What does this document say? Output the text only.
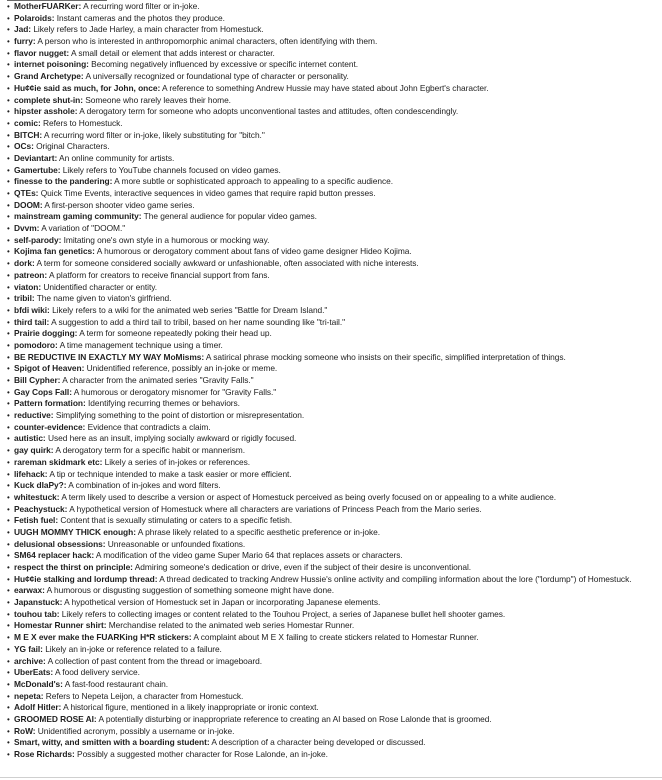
• MotherFUARKer: A recurring word filter or in-joke.
• Polaroids: Instant cameras and the photos they produce.
• Jad: Likely refers to Jade Harley, a main character from Homestuck.
• furry: A person who is interested in anthropomorphic animal characters, often identifying with them.
• flavor nugget: A small detail or element that adds interest or character.
• internet poisoning: Becoming negatively influenced by excessive or specific internet content.
• Grand Archetype: A universally recognized or foundational type of character or personality.
• Hu¢¢ie said as much, for John, once: A reference to something Andrew Hussie may have stated about John Egbert's character.
• complete shut-in: Someone who rarely leaves their home.
• hipster asshole: A derogatory term for someone who adopts unconventional tastes and attitudes, often condescendingly.
• comic: Refers to Homestuck.
• BITCH: A recurring word filter or in-joke, likely substituting for "bitch."
• OCs: Original Characters.
• Deviantart: An online community for artists.
• Gamertube: Likely refers to YouTube channels focused on video games.
• finesse to the pandering: A more subtle or sophisticated approach to appealing to a specific audience.
• QTEs: Quick Time Events, interactive sequences in video games that require rapid button presses.
• DOOM: A first-person shooter video game series.
• mainstream gaming community: The general audience for popular video games.
• Dvvm: A variation of "DOOM."
• self-parody: Imitating one's own style in a humorous or mocking way.
• Kojima fan genetics: A humorous or derogatory comment about fans of video game designer Hideo Kojima.
• dork: A term for someone considered socially awkward or unfashionable, often associated with niche interests.
• patreon: A platform for creators to receive financial support from fans.
• viaton: Unidentified character or entity.
• tribil: The name given to viaton's girlfriend.
• bfdi wiki: Likely refers to a wiki for the animated web series "Battle for Dream Island."
• third tail: A suggestion to add a third tail to tribil, based on her name sounding like "tri-tail."
• Prairie dogging: A term for someone repeatedly poking their head up.
• pomodoro: A time management technique using a timer.
• BE REDUCTIVE IN EXACTLY MY WAY MoMisms: A satirical phrase mocking someone who insists on their specific, simplified interpretation of things.
• Spigot of Heaven: Unidentified reference, possibly an in-joke or meme.
• Bill Cypher: A character from the animated series "Gravity Falls."
• Gay Cops Fall: A humorous or derogatory misnomer for "Gravity Falls."
• Pattern formation: Identifying recurring themes or behaviors.
• reductive: Simplifying something to the point of distortion or misrepresentation.
• counter-evidence: Evidence that contradicts a claim.
• autistic: Used here as an insult, implying socially awkward or rigidly focused.
• gay quirk: A derogatory term for a specific habit or mannerism.
• rareman skidmark etc: Likely a series of in-jokes or references.
• lifehack: A tip or technique intended to make a task easier or more efficient.
• Kuck dIaPy?: A combination of in-jokes and word filters.
• whitestuck: A term likely used to describe a version or aspect of Homestuck perceived as being overly focused on or appealing to a white audience.
• Peachystuck: A hypothetical version of Homestuck where all characters are variations of Princess Peach from the Mario series.
• Fetish fuel: Content that is sexually stimulating or caters to a specific fetish.
• UUGH MOMMY THICK enough: A phrase likely related to a specific aesthetic preference or in-joke.
• delusional obsessions: Unreasonable or unfounded fixations.
• SM64 replacer hack: A modification of the video game Super Mario 64 that replaces assets or characters.
• respect the thirst on principle: Admiring someone's dedication or drive, even if the subject of their desire is unconventional.
• Hu¢¢ie stalking and lordump thread: A thread dedicated to tracking Andrew Hussie's online activity and compiling information about the lore ("lordump") of Homestuck.
• earwax: A humorous or disgusting suggestion of something someone might have done.
• Japanstuck: A hypothetical version of Homestuck set in Japan or incorporating Japanese elements.
• touhou tab: Likely refers to collecting images or content related to the Touhou Project, a series of Japanese bullet hell shooter games.
• Homestar Runner shirt: Merchandise related to the animated web series Homestar Runner.
• M E X ever make the FUARKing H*R stickers: A complaint about M E X failing to create stickers related to Homestar Runner.
• YG fail: Likely an in-joke or reference related to a failure.
• archive: A collection of past content from the thread or imageboard.
• UberEats: A food delivery service.
• McDonald's: A fast-food restaurant chain.
• nepeta: Refers to Nepeta Leijon, a character from Homestuck.
• Adolf Hitler: A historical figure, mentioned in a likely inappropriate or ironic context.
• GROOMED ROSE AI: A potentially disturbing or inappropriate reference to creating an AI based on Rose Lalonde that is groomed.
• RoW: Unidentified acronym, possibly a username or in-joke.
• Smart, witty, and smitten with a boarding student: A description of a character being developed or discussed.
• Rose Richards: Possibly a suggested mother character for Rose Lalonde, an in-joke.
